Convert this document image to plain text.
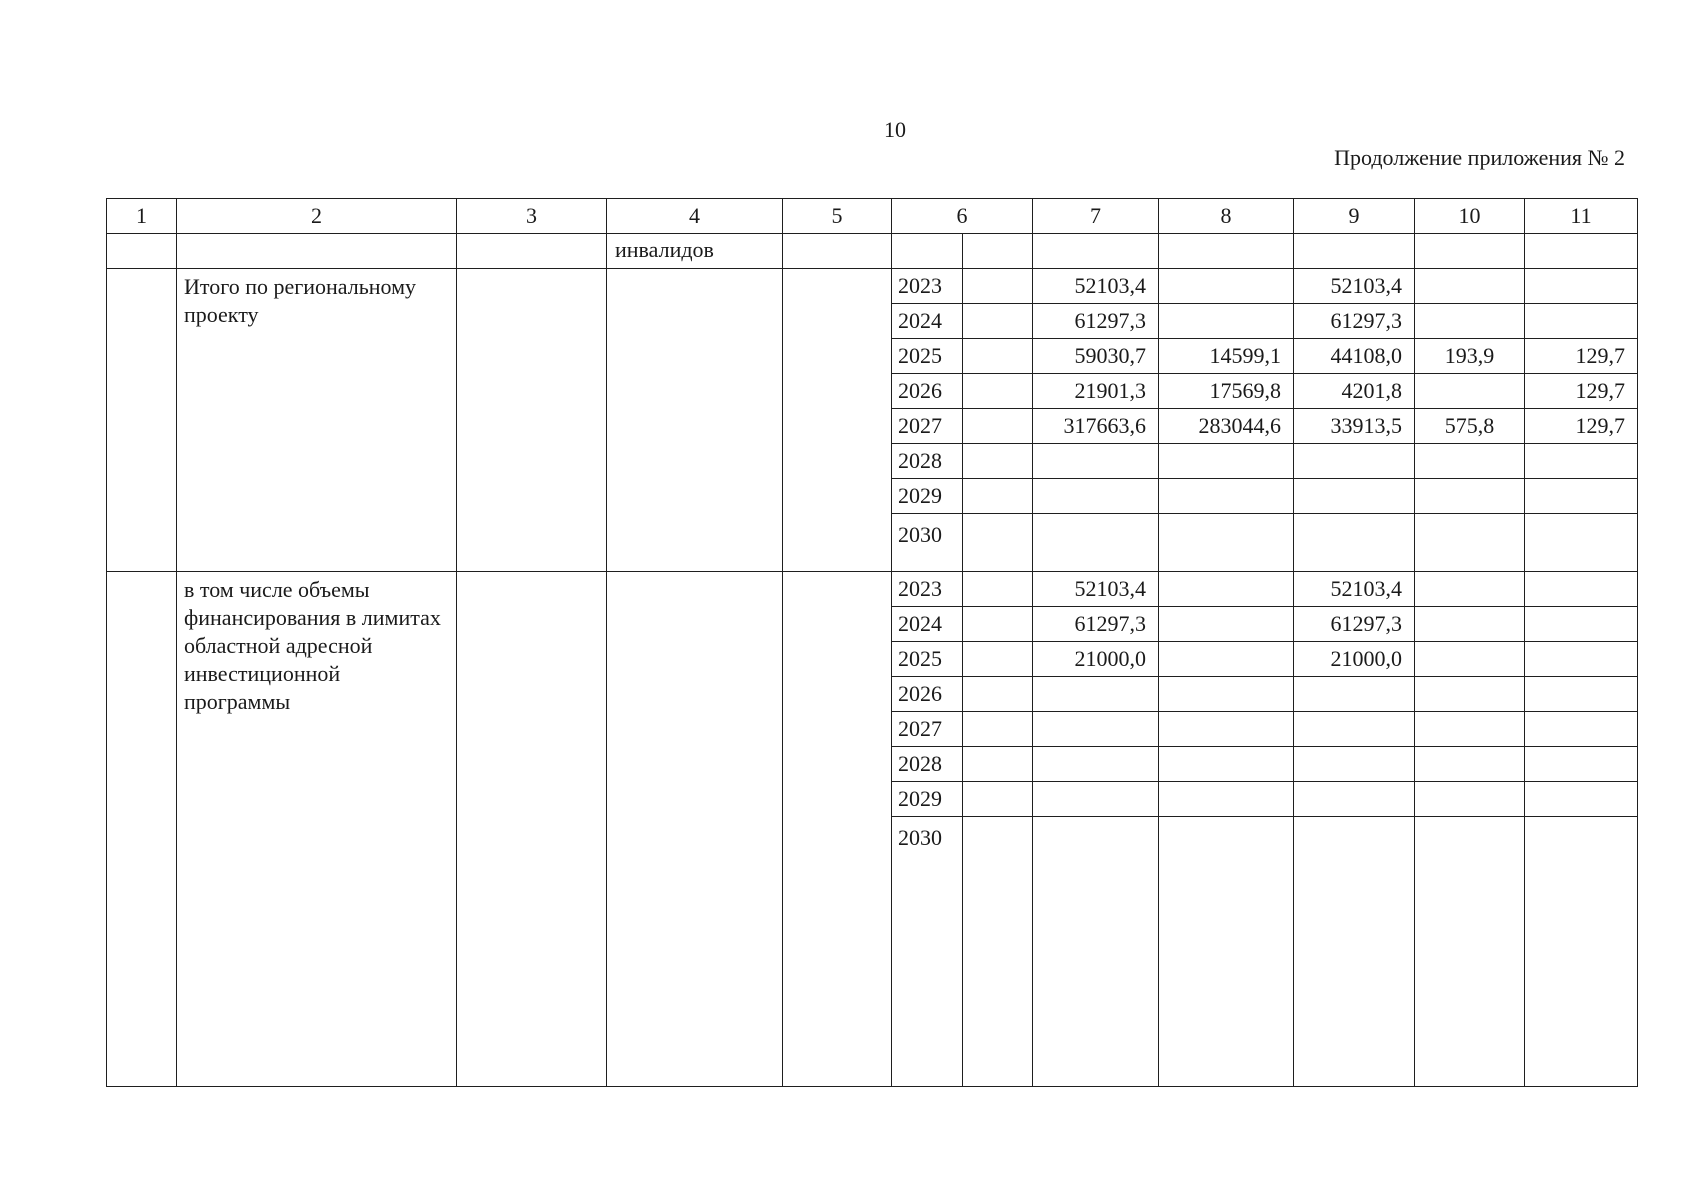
10
Продолжение приложения № 2
1	2	3	4	5	6		7	8	9	10	11
			инвалидов								
	Итого по региональному проекту				2023		52103,4		52103,4		
					2024		61297,3		61297,3		
					2025		59030,7	14599,1	44108,0	193,9	129,7
					2026		21901,3	17569,8	4201,8		129,7
					2027		317663,6	283044,6	33913,5	575,8	129,7
					2028						
					2029						
					2030						
	в том числе объемы финансирования в лимитах областной адресной инвестиционной программы				2023		52103,4		52103,4		
					2024		61297,3		61297,3		
					2025		21000,0		21000,0		
					2026						
					2027						
					2028						
					2029						
					2030						
